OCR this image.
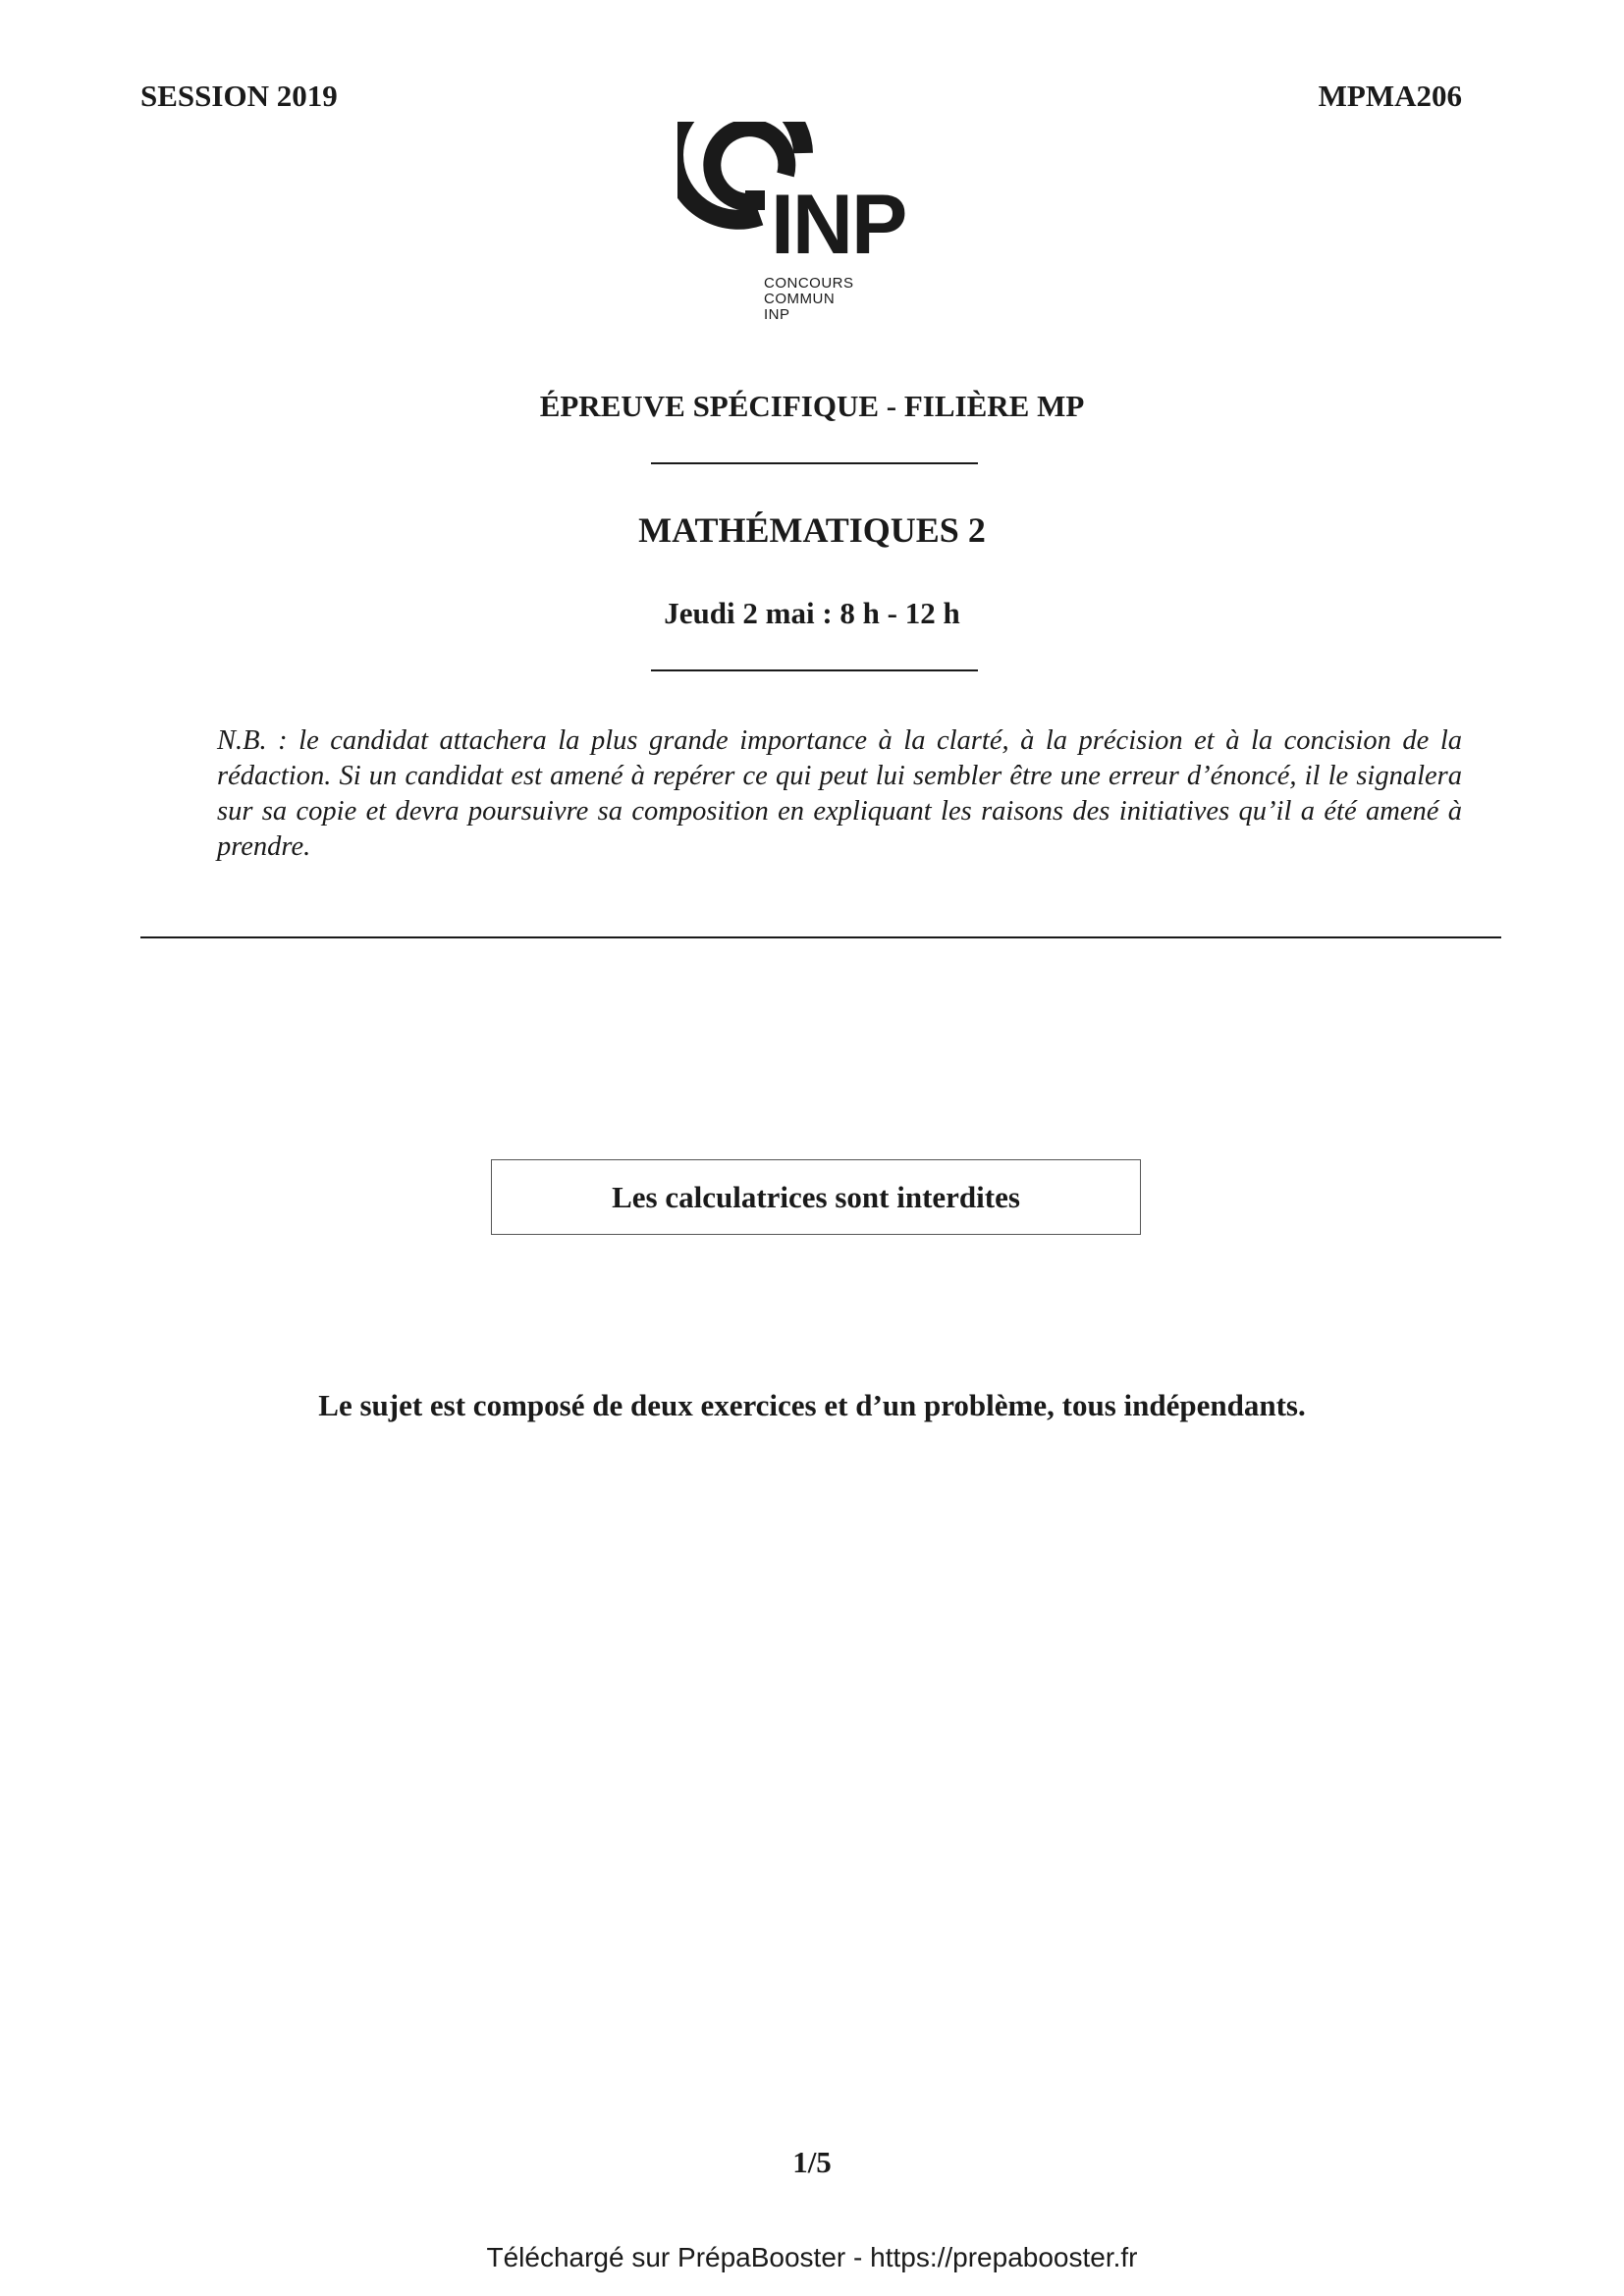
SESSION 2019	MPMA206
INP
CONCOURS
COMMUN
INP
ÉPREUVE SPÉCIFIQUE - FILIÈRE MP
MATHÉMATIQUES 2
Jeudi 2 mai : 8 h - 12 h
N.B. : le candidat attachera la plus grande importance à la clarté, à la précision et à la concision de la rédaction. Si un candidat est amené à repérer ce qui peut lui sembler être une erreur d’énoncé, il le signalera sur sa copie et devra poursuivre sa composition en expliquant les raisons des initiatives qu’il a été amené à prendre.
Les calculatrices sont interdites
Le sujet est composé de deux exercices et d’un problème, tous indépendants.
1/5
Téléchargé sur PrépaBooster - https://prepabooster.fr
